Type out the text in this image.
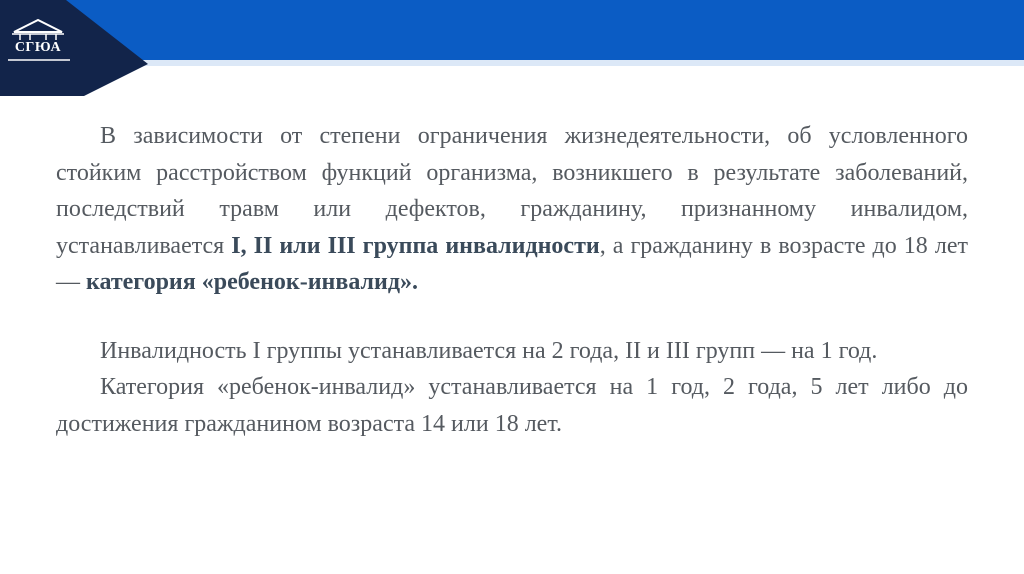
СГЮА

В зависимости от степени ограничения жизнедеятельности, об условленного стойким расстройством функций организма, возникшего в результате заболеваний, последствий травм или дефектов, гражданину, признанному инвалидом, устанавливается I, II или III группа инвалидности, а гражданину в возрасте до 18 лет — категория «ребенок-инвалид».

Инвалидность I группы устанавливается на 2 года, II и III групп — на 1 год.

Категория «ребенок-инвалид» устанавливается на 1 год, 2 года, 5 лет либо до достижения гражданином возраста 14 или 18 лет.
